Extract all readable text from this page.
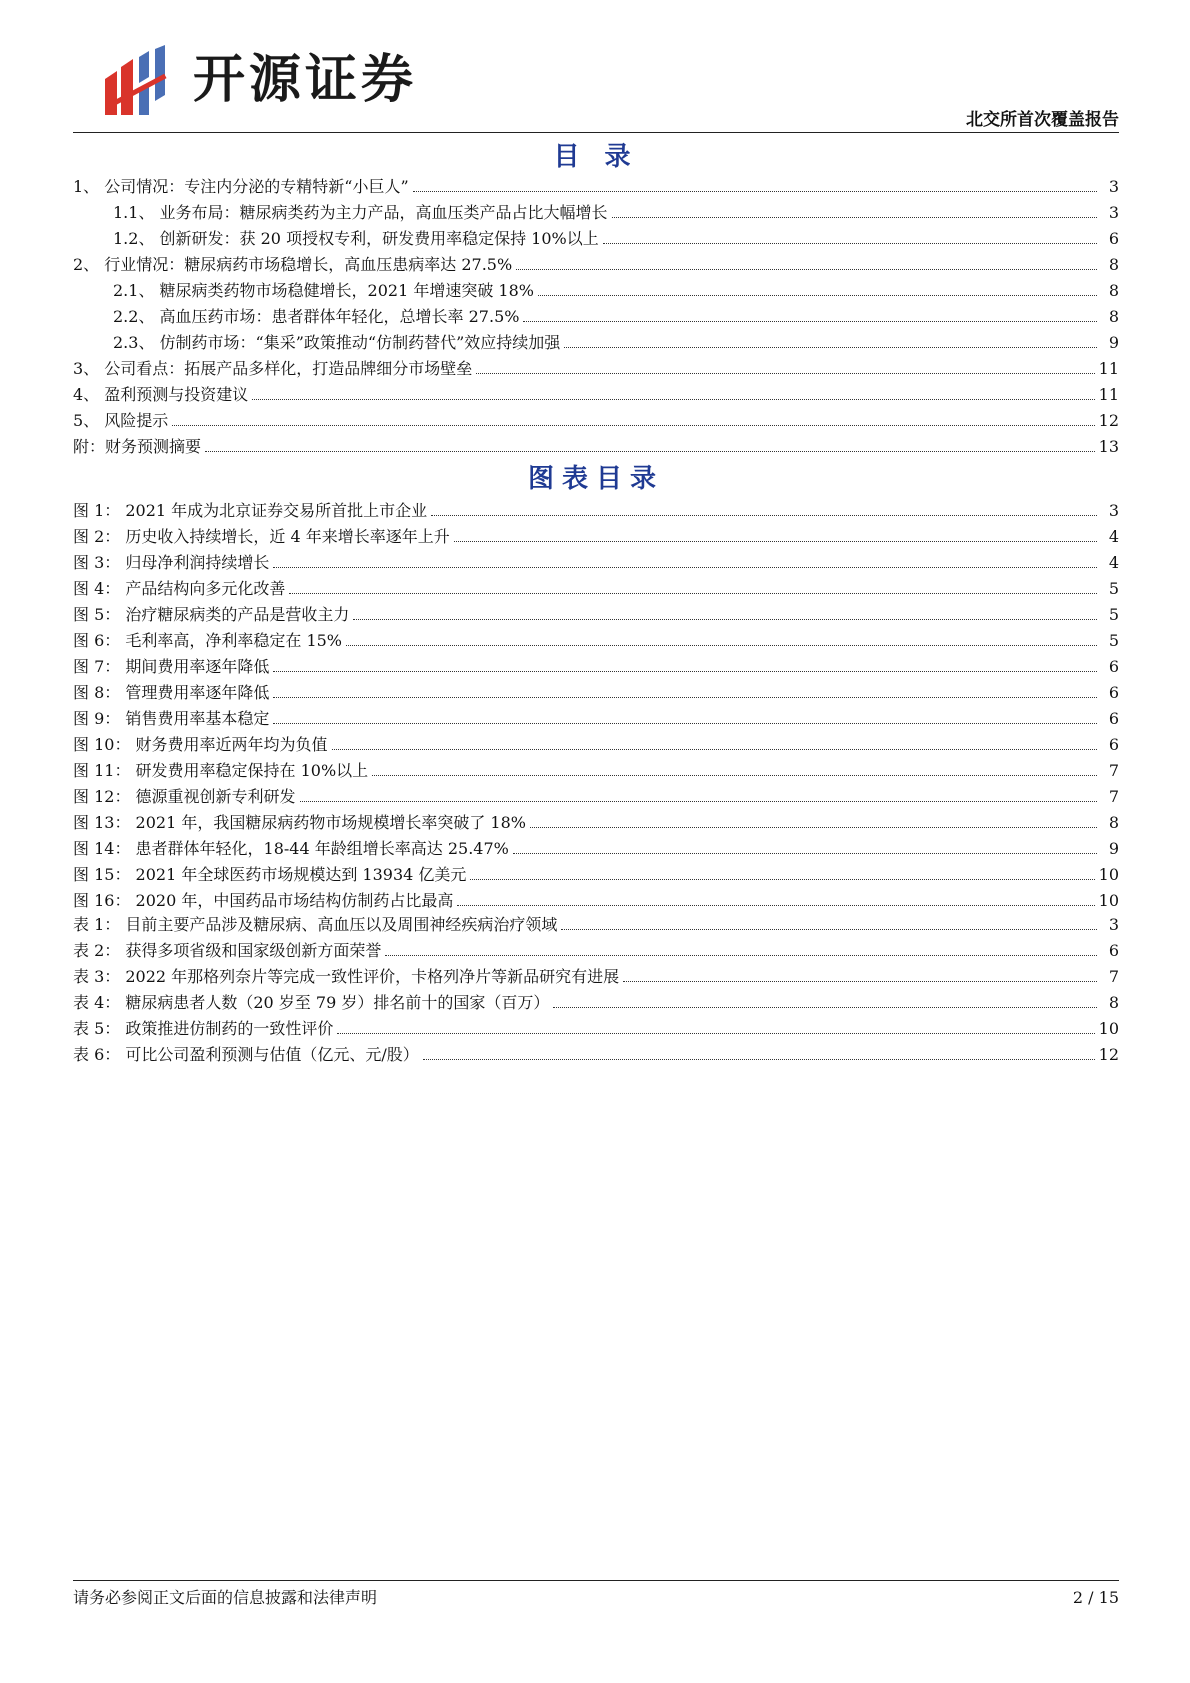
开源证券
北交所首次覆盖报告
目 录
1、 公司情况：专注内分泌的专精特新“小巨人”	3
1.1、 业务布局：糖尿病类药为主力产品，高血压类产品占比大幅增长	3
1.2、 创新研发：获 20 项授权专利，研发费用率稳定保持 10%以上	6
2、 行业情况：糖尿病药市场稳增长，高血压患病率达 27.5%	8
2.1、 糖尿病类药物市场稳健增长，2021 年增速突破 18%	8
2.2、 高血压药市场：患者群体年轻化，总增长率 27.5%	8
2.3、 仿制药市场：“集采”政策推动“仿制药替代”效应持续加强	9
3、 公司看点：拓展产品多样化，打造品牌细分市场壁垒	11
4、 盈利预测与投资建议	11
5、 风险提示	12
附：财务预测摘要	13
图表目录
图 1： 2021 年成为北京证券交易所首批上市企业	3
图 2： 历史收入持续增长，近 4 年来增长率逐年上升	4
图 3： 归母净利润持续增长	4
图 4： 产品结构向多元化改善	5
图 5： 治疗糖尿病类的产品是营收主力	5
图 6： 毛利率高，净利率稳定在 15%	5
图 7： 期间费用率逐年降低	6
图 8： 管理费用率逐年降低	6
图 9： 销售费用率基本稳定	6
图 10： 财务费用率近两年均为负值	6
图 11： 研发费用率稳定保持在 10%以上	7
图 12： 德源重视创新专利研发	7
图 13： 2021 年，我国糖尿病药物市场规模增长率突破了 18%	8
图 14： 患者群体年轻化，18-44 年龄组增长率高达 25.47%	9
图 15： 2021 年全球医药市场规模达到 13934 亿美元	10
图 16： 2020 年，中国药品市场结构仿制药占比最高	10
表 1： 目前主要产品涉及糖尿病、高血压以及周围神经疾病治疗领域	3
表 2： 获得多项省级和国家级创新方面荣誉	6
表 3： 2022 年那格列奈片等完成一致性评价，卡格列净片等新品研究有进展	7
表 4： 糖尿病患者人数（20 岁至 79 岁）排名前十的国家（百万）	8
表 5： 政策推进仿制药的一致性评价	10
表 6： 可比公司盈利预测与估值（亿元、元/股）	12
请务必参阅正文后面的信息披露和法律声明	2 / 15
